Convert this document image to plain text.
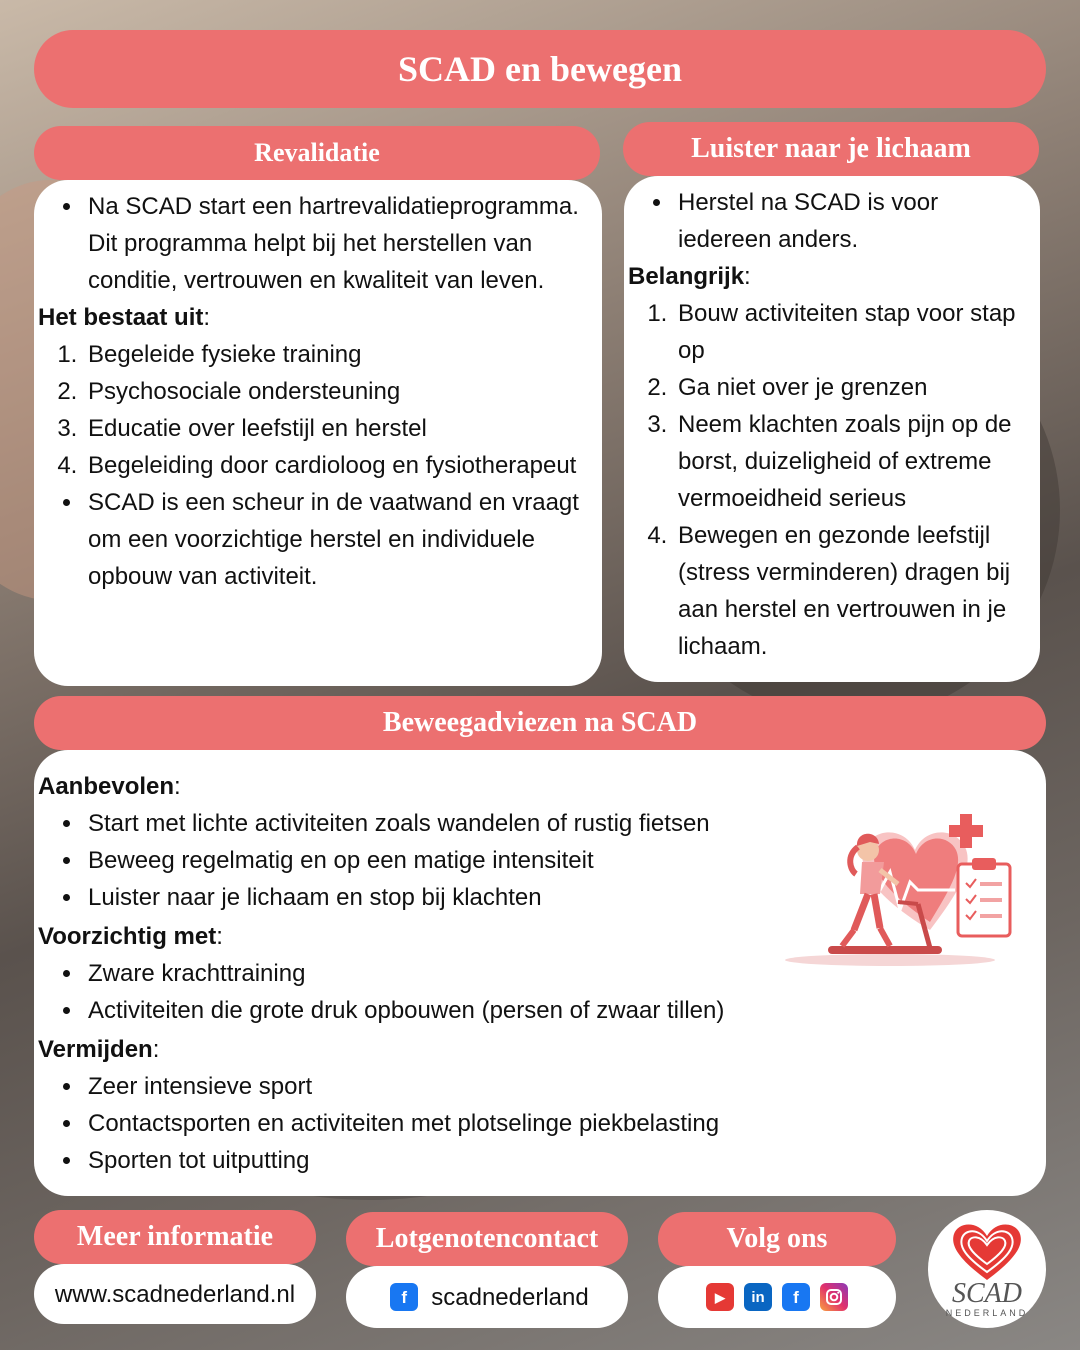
SCAD en bewegen
Revalidatie
• Na SCAD start een hartrevalidatieprogramma. Dit programma helpt bij het herstellen van conditie, vertrouwen en kwaliteit van leven.

Het bestaat uit:

1. Begeleide fysieke training
2. Psychosociale ondersteuning
3. Educatie over leefstijl en herstel
4. Begeleiding door cardioloog en fysiotherapeut
• SCAD is een scheur in de vaatwand en vraagt om een voorzichtige herstel en individuele opbouw van activiteit.
Luister naar je lichaam
• Herstel na SCAD is voor iedereen anders.

Belangrijk:

1. Bouw activiteiten stap voor stap op
2. Ga niet over je grenzen
3. Neem klachten zoals pijn op de borst, duizeligheid of extreme vermoeidheid serieus
4. Bewegen en gezonde leefstijl (stress verminderen) dragen bij aan herstel en vertrouwen in je lichaam.
Beweegadviezen na SCAD

Aanbevolen:

• Start met lichte activiteiten zoals wandelen of rustig fietsen
• Beweeg regelmatig en op een matige intensiteit
• Luister naar je lichaam en stop bij klachten

Voorzichtig met:

• Zware krachttraining
• Activiteiten die grote druk opbouwen (persen of zwaar tillen)

Vermijden:

• Zeer intensieve sport
• Contactsporten en activiteiten met plotselinge piekbelasting
• Sporten tot uitputting
Meer informatie
www.scadnederland.nl
Lotgenotencontact
f	scadnederland
Volg ons
▶	in	f	SCAD
NEDERLAND
